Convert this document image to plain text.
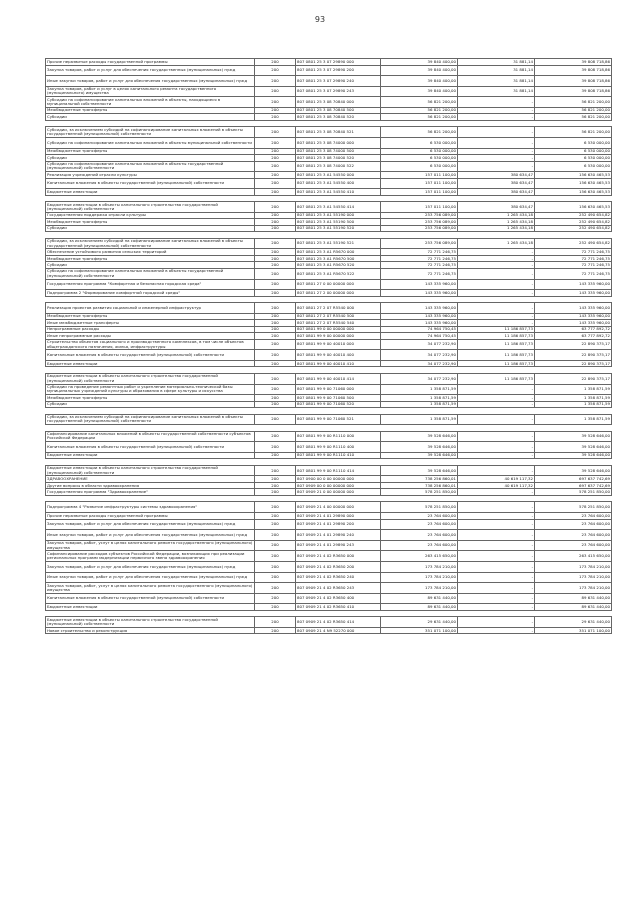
93
Прочие неразвитые расходы государственной программы	200	807 0801 25 3 07 29890 000	39 840 400,00	31 881,14	39 808 718,86
Закупка товаров, работ и услуг для обеспечения государственных (муниципальных) нужд	200	807 0801 25 3 07 29890 200	39 840 400,00	31 881,14	39 808 718,86
Иные закупки товаров, работ и услуг для обеспечения государственных (муниципальных) нужд	200	807 0801 25 3 07 29890 240	39 840 400,00	31 881,14	39 808 718,86
Закупка товаров, работ и услуг в целях капитального ремонта государственного (муниципального) имущества	200	807 0801 25 3 07 29890 243	39 840 400,00	31 881,14	39 808 718,86
Субсидии на софинансирование капитальных вложений в объекты, находящиеся в муниципальной собственности	200	807 0801 25 3 08 70840 000	56 821 200,00	-	56 821 200,00
Межбюджетные трансферты	200	807 0801 25 3 08 70840 500	56 821 200,00	-	56 821 200,00
Субсидии	200	807 0801 25 3 08 70840 520	56 821 200,00	-	56 821 200,00

Субсидии, за исключением субсидий на софинансирование капитальных вложений в объекты государственной (муниципальной) собственности	200	807 0801 25 3 08 70840 521	56 821 200,00	-	56 821 200,00
Субсидии на софинансирование капитальных вложений в объекты муниципальной собственности	200	807 0801 25 3 08 74000 000	6 530 000,00	-	6 530 000,00
Межбюджетные трансферты	200	807 0801 25 3 08 74000 500	6 530 000,00	-	6 530 000,00
Субсидии	200	807 0801 25 3 08 74000 520	6 530 000,00	-	6 530 000,00
Субсидии на софинансирование капитальных вложений в объекты государственной (муниципальной) собственности	200	807 0801 25 3 08 74000 522	6 530 000,00	-	6 530 000,00
Реализация учреждений отрасли культуры	200	807 0801 25 3 A1 54550 000	157 011 100,00	380 634,47	156 630 465,53
Капитальные вложения в объекты государственной (муниципальной) собственности	200	807 0801 25 3 A1 54550 400	157 011 100,00	380 634,47	156 630 465,53
Бюджетные инвестиции	200	807 0801 25 3 A1 54550 410	157 011 100,00	380 634,47	156 630 465,53

Бюджетные инвестиции в объекты капитального строительства государственной (муниципальной) собственности	200	807 0801 25 3 A1 54550 414	157 011 100,00	380 634,47	156 630 465,53
Государственная поддержка отрасли культуры	200	807 0801 25 3 A1 55190 000	253 756 089,00	1 265 434,18	252 490 654,82
Межбюджетные трансферты	200	807 0801 25 3 A1 55190 500	253 756 089,00	1 265 434,18	252 490 654,82
Субсидии	200	807 0801 25 3 A1 55190 520	253 756 089,00	1 265 434,18	252 490 654,82

Субсидии, за исключением субсидий на софинансирование капитальных вложений в объекты государственной (муниципальной) собственности	200	807 0801 25 3 A1 55190 521	253 756 089,00	1 265 434,18	252 490 654,82
Обеспечение устойчивого развития сельских территорий	200	807 0801 25 3 A1 R5670 000	72 771 246,75	-	72 771 246,75
Межбюджетные трансферты	200	807 0801 25 3 A1 R5670 500	72 771 246,75	-	72 771 246,75
Субсидии	200	807 0801 25 3 A1 R5670 520	72 771 246,75	-	72 771 246,75
Субсидии на софинансирование капитальных вложений в объекты государственной (муниципальной) собственности	200	807 0801 25 3 A1 R5670 522	72 771 246,75	-	72 771 246,75
Государственная программа "Комфортная и безопасная городская среда"	200	807 0801 27 0 00 00000 000	143 335 960,00	-	143 335 960,00
Подпрограмма 2 "Формирование комфортной городской среды"	200	807 0801 27 2 00 00000 000	143 335 960,00	-	143 335 960,00

Реализация проектов развития социальной и инженерной инфраструктур	200	807 0801 27 2 07 R5540 000	143 335 960,00	-	143 335 960,00
Межбюджетные трансферты	200	807 0801 27 2 07 R5540 500	143 335 960,00	-	143 335 960,00
Иные межбюджетные трансферты	200	807 0801 27 2 07 R5540 540	143 335 960,00	-	143 335 960,00
Непрограммные расходы	200	807 0801 99 0 00 00000 000	74 964 750,45	11 186 857,73	63 777 892,72
Иные непрограммные расходы	200	807 0801 99 9 00 00000 000	74 964 750,45	11 186 857,73	63 777 892,72
Строительство объектов социального и производственного комплексов, в том числе объектов общегражданского назначения, жилья, инфраструктуры	200	807 0801 99 9 00 40010 000	34 077 232,90	11 186 857,73	22 890 375,17
Капитальные вложения в объекты государственной (муниципальной) собственности	200	807 0801 99 9 00 40010 400	34 077 232,90	11 186 857,73	22 890 375,17
Бюджетные инвестиции	200	807 0801 99 9 00 40010 410	34 077 232,90	11 186 857,73	22 890 375,17

Бюджетные инвестиции в объекты капитального строительства государственной (муниципальной) собственности	200	807 0801 99 9 00 40010 414	34 077 232,90	11 186 857,73	22 890 375,17
Субсидии на проведение ремонтных работ и укрепление материально-технической базы муниципальных учреждений культуры и образования в сфере культуры и искусства	200	807 0801 99 9 00 71060 000	1 358 871,59	-	1 358 871,59
Межбюджетные трансферты	200	807 0801 99 9 00 71060 500	1 358 871,59	-	1 358 871,59
Субсидии	200	807 0801 99 9 00 71060 520	1 358 871,59	-	1 358 871,59

Субсидии, за исключением субсидий на софинансирование капитальных вложений в объекты государственной (муниципальной) собственности	200	807 0801 99 9 00 71060 521	1 358 871,59	-	1 358 871,59

Софинансирование капитальных вложений в объекты государственной собственности субъектов Российской Федерации	200	807 0801 99 9 00 R1110 000	39 528 646,00	-	39 528 646,00
Капитальные вложения в объекты государственной (муниципальной) собственности	200	807 0801 99 9 00 R1110 400	39 528 646,00	-	39 528 646,00
Бюджетные инвестиции	200	807 0801 99 9 00 R1110 410	39 528 646,00	-	39 528 646,00

Бюджетные инвестиции в объекты капитального строительства государственной (муниципальной) собственности	200	807 0801 99 9 00 R1110 414	39 528 646,00	-	39 528 646,00
ЗДРАВООХРАНЕНИЕ	200	807 0900 00 0 00 00000 000	738 256 860,01	40 619 117,32	697 637 742,69
Другие вопросы в области здравоохранения	200	807 0909 00 0 00 00000 000	738 256 860,01	40 619 117,32	697 637 742,69
Государственная программа "Здравоохранение"	200	807 0909 21 0 00 00000 000	578 251 850,00	-	578 251 850,00

Подпрограмма 4 "Развитие инфраструктуры системы здравоохранения"	200	807 0909 21 4 00 00000 000	578 251 850,00	-	578 251 850,00
Прочие неразвитые расходы государственной программы	200	807 0909 21 4 01 29890 000	23 764 600,00	-	23 764 600,00
Закупка товаров, работ и услуг для обеспечения государственных (муниципальных) нужд	200	807 0909 21 4 01 29890 200	23 764 600,00	-	23 764 600,00
Иные закупки товаров, работ и услуг для обеспечения государственных (муниципальных) нужд	200	807 0909 21 4 01 29890 240	23 764 600,00	-	23 764 600,00
Закупка товаров, работ, услуг в целях капитального ремонта государственного (муниципального) имущества	200	807 0909 21 4 01 29890 243	23 764 600,00	-	23 764 600,00
Софинансирование расходов субъектов Российской Федерации, возникающих при реализации региональных программ модернизации первичного звена здравоохранения	200	807 0909 21 4 02 R3650 000	263 415 650,00	-	263 415 650,00
Закупка товаров, работ и услуг для обеспечения государственных (муниципальных) нужд	200	807 0909 21 4 02 R3650 200	173 784 210,00	-	173 784 210,00
Иные закупки товаров, работ и услуг для обеспечения государственных (муниципальных) нужд	200	807 0909 21 4 02 R3650 240	173 784 210,00	-	173 784 210,00
Закупка товаров, работ, услуг в целях капитального ремонта государственного (муниципального) имущества	200	807 0909 21 4 02 R3650 243	173 784 210,00	-	173 784 210,00
Капитальные вложения в объекты государственной (муниципальной) собственности	200	807 0909 21 4 02 R3650 400	89 631 440,00	-	89 631 440,00
Бюджетные инвестиции	200	807 0909 21 4 02 R3650 410	89 631 440,00	-	89 631 440,00

Бюджетные инвестиции в объекты капитального строительства государственной (муниципальной) собственности	200	807 0909 21 4 02 R3650 414	29 631 440,00	-	29 631 440,00
Новое строительство и реконструкция	200	807 0909 21 4 N9 52270 000	351 071 100,00	-	351 071 100,00
